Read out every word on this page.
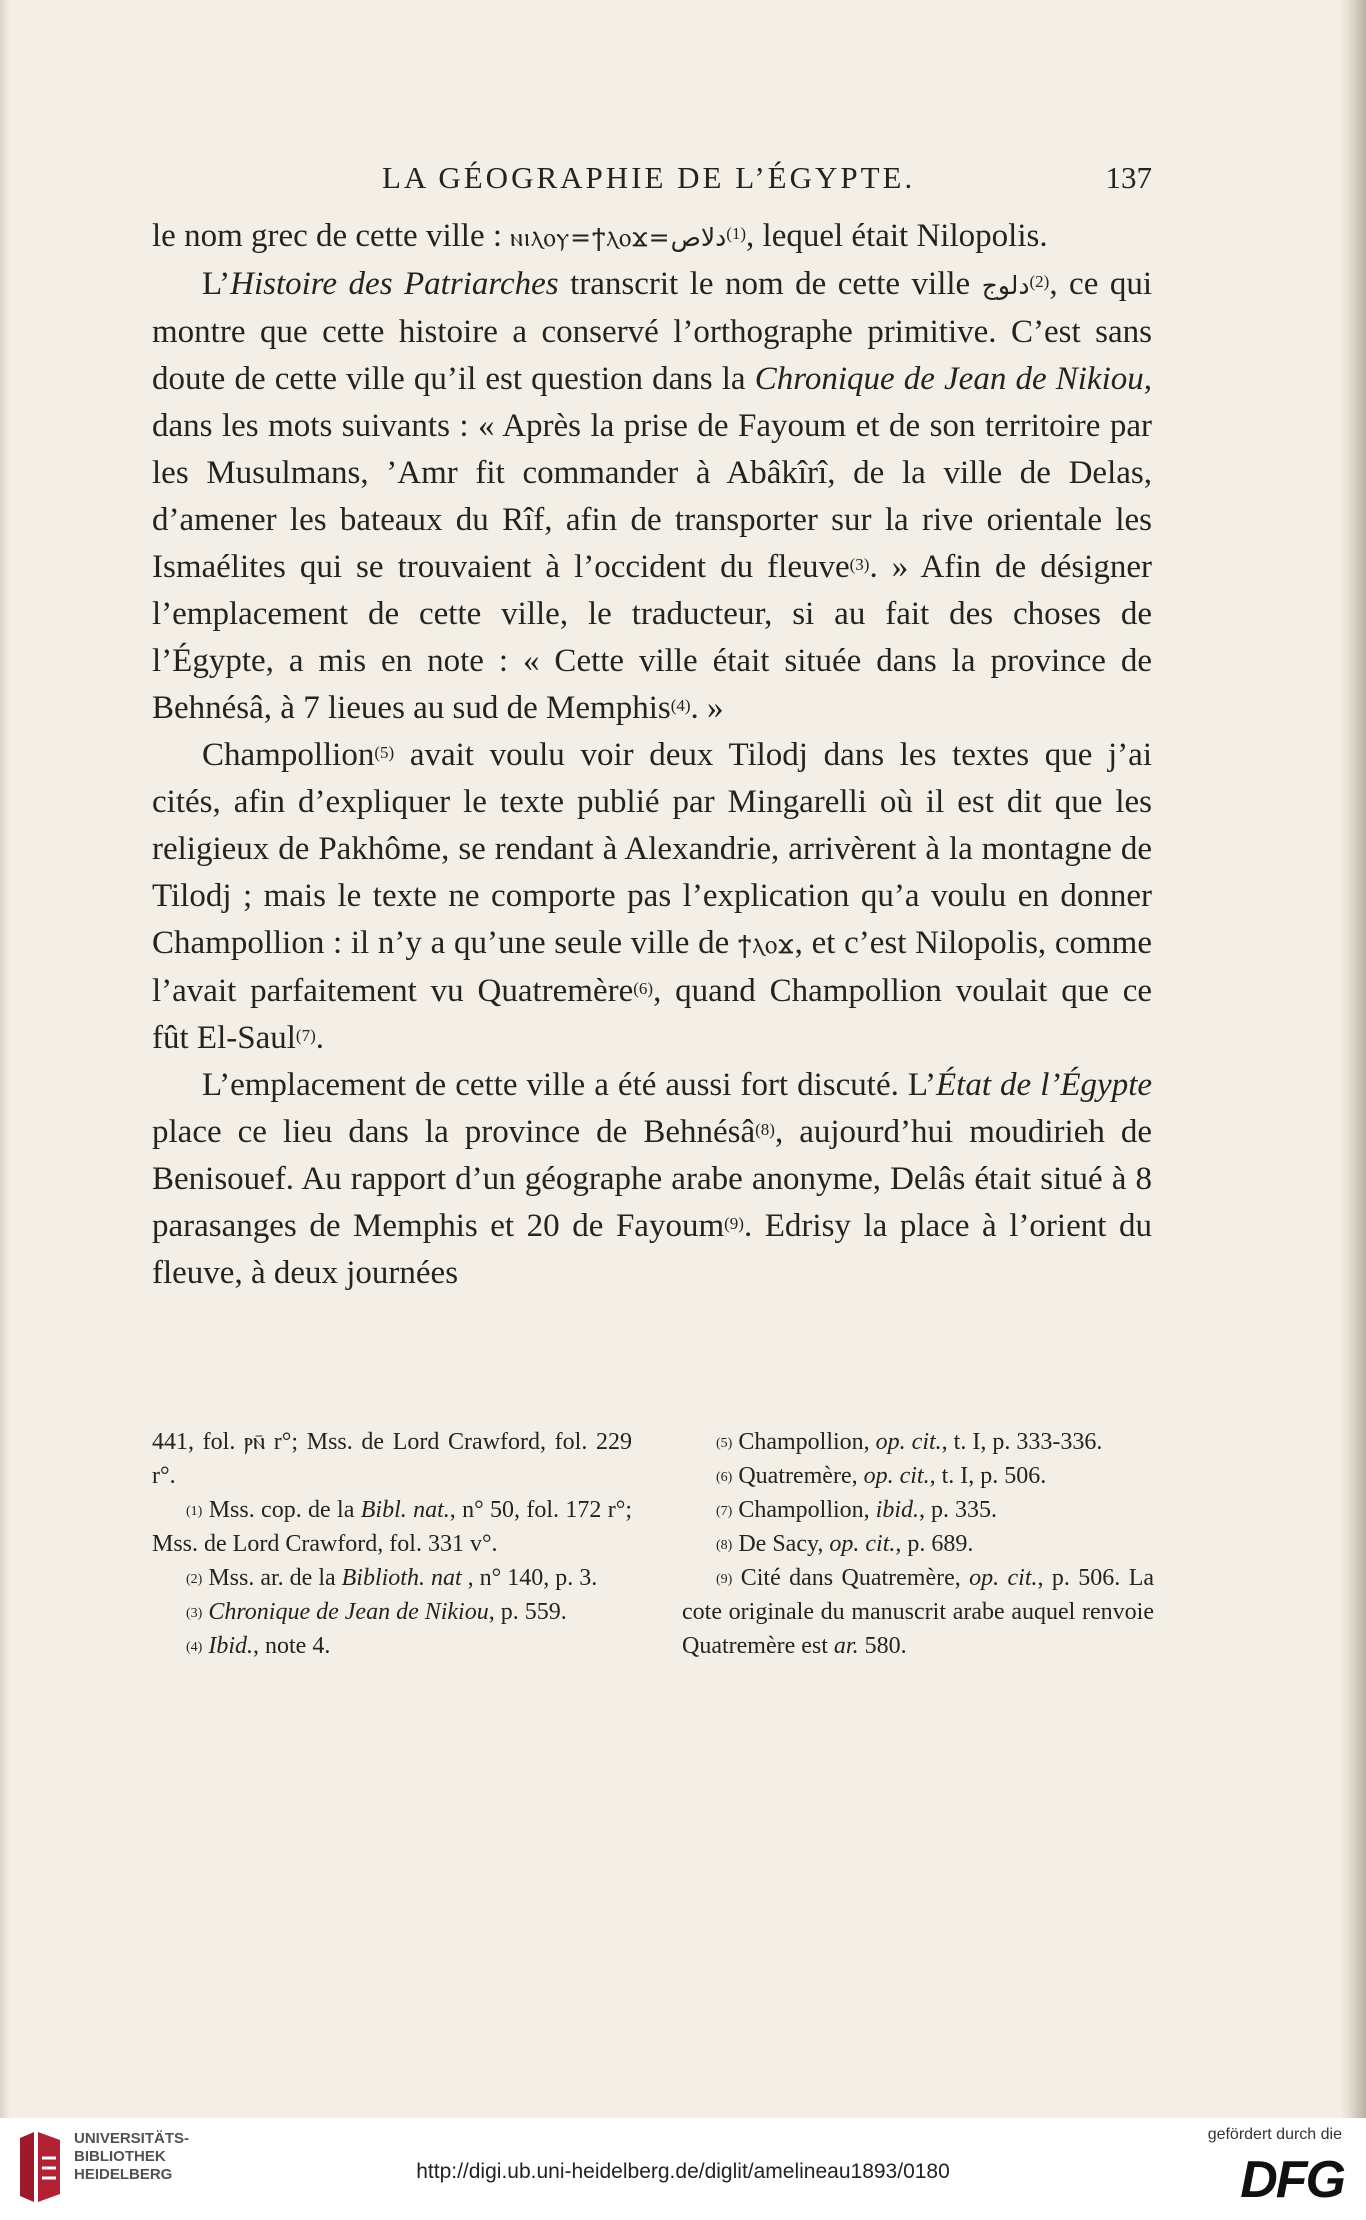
LA GÉOGRAPHIE DE L’ÉGYPTE.	137

le nom grec de cette ville : ⲛⲓⲗⲟⲩ=ϯⲗⲟϫ=دلاص$^{(1)}$, lequel était Nilopolis.

L’Histoire des Patriarches transcrit le nom de cette ville دلوج$^{(2)}$, ce qui montre que cette histoire a conservé l’orthographe primitive. C’est sans doute de cette ville qu’il est question dans la Chronique de Jean de Nikiou, dans les mots suivants : « Après la prise de Fayoum et de son territoire par les Musulmans, ’Amr fit commander à Abâkîrî, de la ville de Delas, d’amener les bateaux du Rîf, afin de transporter sur la rive orientale les Ismaélites qui se trouvaient à l’occident du fleuve$^{(3)}$. » Afin de désigner l’emplacement de cette ville, le traducteur, si au fait des choses de l’Égypte, a mis en note : « Cette ville était située dans la province de Behnésâ, à 7 lieues au sud de Memphis$^{(4)}$. »

Champollion$^{(5)}$ avait voulu voir deux Tilodj dans les textes que j’ai cités, afin d’expliquer le texte publié par Mingarelli où il est dit que les religieux de Pakhôme, se rendant à Alexandrie, arrivèrent à la montagne de Tilodj ; mais le texte ne comporte pas l’explication qu’a voulu en donner Champollion : il n’y a qu’une seule ville de ϯⲗⲟϫ, et c’est Nilopolis, comme l’avait parfaitement vu Quatremère$^{(6)}$, quand Champollion voulait que ce fût El-Saul$^{(7)}$.

L’emplacement de cette ville a été aussi fort discuté. L’État de l’Égypte place ce lieu dans la province de Behnésâ$^{(8)}$, aujourd’hui moudirieh de Benisouef. Au rapport d’un géographe arabe anonyme, Delâs était situé à 8 parasanges de Memphis et 20 de Fayoum$^{(9)}$. Edrisy la place à l’orient du fleuve, à deux journées

441, fol. ⲣⲛ̄ r°; Mss. de Lord Crawford, fol. 229 r°.

$^{(1)}$ Mss. cop. de la Bibl. nat., n° 50, fol. 172 r°; Mss. de Lord Crawford, fol. 331 v°.

$^{(2)}$ Mss. ar. de la Biblioth. nat , n° 140, p. 3.

$^{(3)}$ Chronique de Jean de Nikiou, p. 559.

$^{(4)}$ Ibid., note 4.

$^{(5)}$ Champollion, op. cit., t. I, p. 333-336.

$^{(6)}$ Quatremère, op. cit., t. I, p. 506.

$^{(7)}$ Champollion, ibid., p. 335.

$^{(8)}$ De Sacy, op. cit., p. 689.

$^{(9)}$ Cité dans Quatremère, op. cit., p. 506. La cote originale du manuscrit arabe auquel renvoie Quatremère est ar. 580.

UNIVERSITÄTS-
BIBLIOTHEK
HEIDELBERG	http://digi.ub.uni-heidelberg.de/diglit/amelineau1893/0180
gefördert durch die
DFG
